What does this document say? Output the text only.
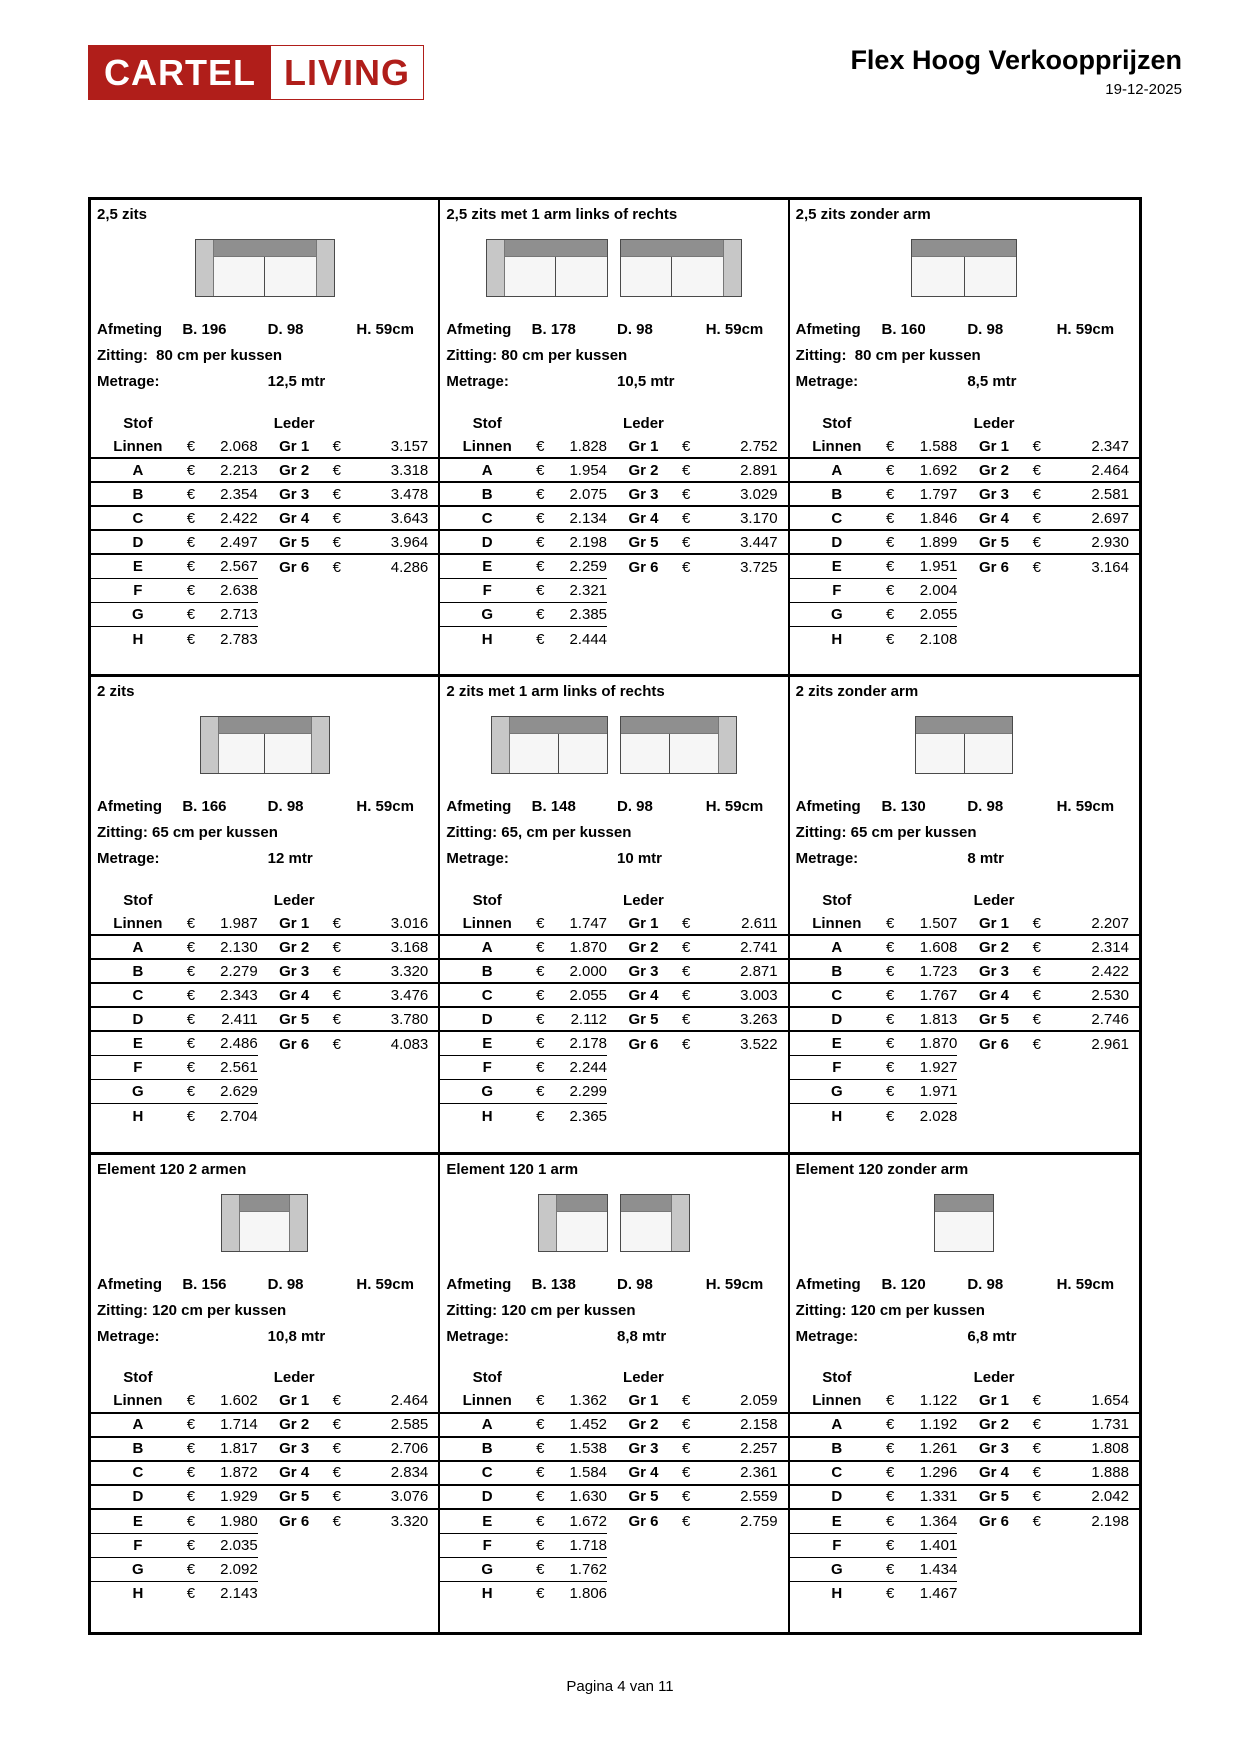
CARTEL LIVING	Flex Hoog Verkoopprijzen
19-12-2025
2,5 zits
Afmeting	B. 196	D. 98	H. 59cm
Zitting:  80 cm per kussen
Metrage:	12,5 mtr
Stof	Leder
Linnen	€	2.068	Gr 1	€	3.157
A	€	2.213	Gr 2	€	3.318
B	€	2.354	Gr 3	€	3.478
C	€	2.422	Gr 4	€	3.643
D	€	2.497	Gr 5	€	3.964
E	€	2.567	Gr 6	€	4.286
F	€	2.638
G	€	2.713
H	€	2.783
2,5 zits met 1 arm links of rechts
Afmeting	B. 178	D. 98	H. 59cm
Zitting: 80 cm per kussen
Metrage:	10,5 mtr
Stof	Leder
Linnen	€	1.828	Gr 1	€	2.752
A	€	1.954	Gr 2	€	2.891
B	€	2.075	Gr 3	€	3.029
C	€	2.134	Gr 4	€	3.170
D	€	2.198	Gr 5	€	3.447
E	€	2.259	Gr 6	€	3.725
F	€	2.321
G	€	2.385
H	€	2.444
2,5 zits zonder arm
Afmeting	B. 160	D. 98	H. 59cm
Zitting:  80 cm per kussen
Metrage:	8,5 mtr
Stof	Leder
Linnen	€	1.588	Gr 1	€	2.347
A	€	1.692	Gr 2	€	2.464
B	€	1.797	Gr 3	€	2.581
C	€	1.846	Gr 4	€	2.697
D	€	1.899	Gr 5	€	2.930
E	€	1.951	Gr 6	€	3.164
F	€	2.004
G	€	2.055
H	€	2.108
2 zits
Afmeting	B. 166	D. 98	H. 59cm
Zitting: 65 cm per kussen
Metrage:	12 mtr
Stof	Leder
Linnen	€	1.987	Gr 1	€	3.016
A	€	2.130	Gr 2	€	3.168
B	€	2.279	Gr 3	€	3.320
C	€	2.343	Gr 4	€	3.476
D	€	2.411	Gr 5	€	3.780
E	€	2.486	Gr 6	€	4.083
F	€	2.561
G	€	2.629
H	€	2.704
2 zits met 1 arm links of rechts
Afmeting	B. 148	D. 98	H. 59cm
Zitting: 65, cm per kussen
Metrage:	10 mtr
Stof	Leder
Linnen	€	1.747	Gr 1	€	2.611
A	€	1.870	Gr 2	€	2.741
B	€	2.000	Gr 3	€	2.871
C	€	2.055	Gr 4	€	3.003
D	€	2.112	Gr 5	€	3.263
E	€	2.178	Gr 6	€	3.522
F	€	2.244
G	€	2.299
H	€	2.365
2 zits zonder arm
Afmeting	B. 130	D. 98	H. 59cm
Zitting: 65 cm per kussen
Metrage:	8 mtr
Stof	Leder
Linnen	€	1.507	Gr 1	€	2.207
A	€	1.608	Gr 2	€	2.314
B	€	1.723	Gr 3	€	2.422
C	€	1.767	Gr 4	€	2.530
D	€	1.813	Gr 5	€	2.746
E	€	1.870	Gr 6	€	2.961
F	€	1.927
G	€	1.971
H	€	2.028
Element 120 2 armen
Afmeting	B. 156	D. 98	H. 59cm
Zitting: 120 cm per kussen
Metrage:	10,8 mtr
Stof	Leder
Linnen	€	1.602	Gr 1	€	2.464
A	€	1.714	Gr 2	€	2.585
B	€	1.817	Gr 3	€	2.706
C	€	1.872	Gr 4	€	2.834
D	€	1.929	Gr 5	€	3.076
E	€	1.980	Gr 6	€	3.320
F	€	2.035
G	€	2.092
H	€	2.143
Element 120 1 arm
Afmeting	B. 138	D. 98	H. 59cm
Zitting: 120 cm per kussen
Metrage:	8,8 mtr
Stof	Leder
Linnen	€	1.362	Gr 1	€	2.059
A	€	1.452	Gr 2	€	2.158
B	€	1.538	Gr 3	€	2.257
C	€	1.584	Gr 4	€	2.361
D	€	1.630	Gr 5	€	2.559
E	€	1.672	Gr 6	€	2.759
F	€	1.718
G	€	1.762
H	€	1.806
Element 120 zonder arm
Afmeting	B. 120	D. 98	H. 59cm
Zitting: 120 cm per kussen
Metrage:	6,8 mtr
Stof	Leder
Linnen	€	1.122	Gr 1	€	1.654
A	€	1.192	Gr 2	€	1.731
B	€	1.261	Gr 3	€	1.808
C	€	1.296	Gr 4	€	1.888
D	€	1.331	Gr 5	€	2.042
E	€	1.364	Gr 6	€	2.198
F	€	1.401
G	€	1.434
H	€	1.467
Pagina 4 van 11
